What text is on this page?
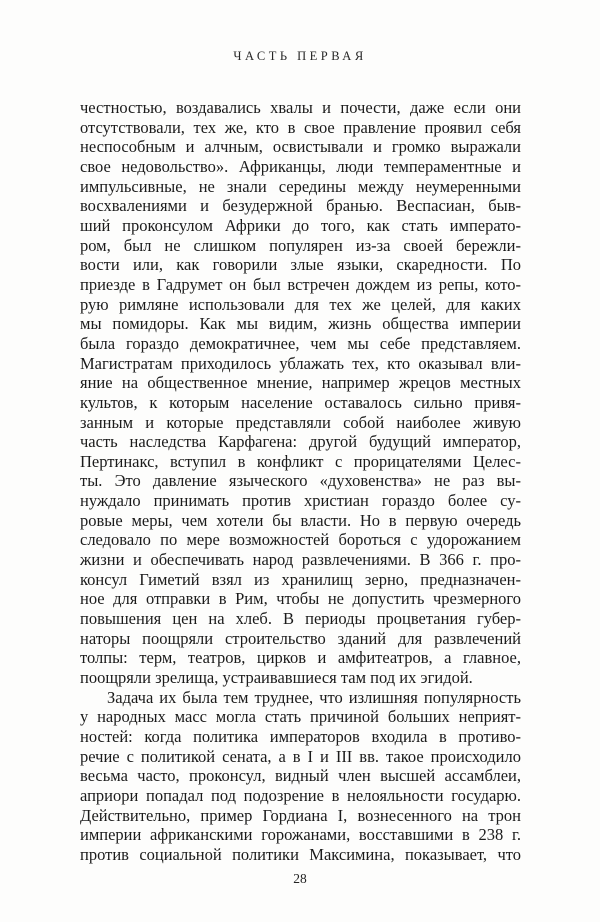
ЧАСТЬ ПЕРВАЯ
честностью, воздавались хвалы и почести, даже если они
отсутствовали, тех же, кто в свое правление проявил себя
неспособным и алчным, освистывали и громко выражали
свое недовольство». Африканцы, люди темпераментные и
импульсивные, не знали середины между неумеренными
восхвалениями и безудержной бранью. Веспасиан, быв-
ший проконсулом Африки до того, как стать императо-
ром, был не слишком популярен из-за своей бережли-
вости или, как говорили злые языки, скаредности. По
приезде в Гадрумет он был встречен дождем из репы, кото-
рую римляне использовали для тех же целей, для каких
мы помидоры. Как мы видим, жизнь общества империи
была гораздо демократичнее, чем мы себе представляем.
Магистратам приходилось ублажать тех, кто оказывал вли-
яние на общественное мнение, например жрецов местных
культов, к которым население оставалось сильно привя-
занным и которые представляли собой наиболее живую
часть наследства Карфагена: другой будущий император,
Пертинакс, вступил в конфликт с прорицателями Целес-
ты. Это давление языческого «духовенства» не раз вы-
нуждало принимать против христиан гораздо более су-
ровые меры, чем хотели бы власти. Но в первую очередь
следовало по мере возможностей бороться с удорожанием
жизни и обеспечивать народ развлечениями. В 366 г. про-
консул Гиметий взял из хранилищ зерно, предназначен-
ное для отправки в Рим, чтобы не допустить чрезмерного
повышения цен на хлеб. В периоды процветания губер-
наторы поощряли строительство зданий для развлечений
толпы: терм, театров, цирков и амфитеатров, а главное,
поощряли зрелища, устраивавшиеся там под их эгидой.
Задача их была тем труднее, что излишняя популярность
у народных масс могла стать причиной больших неприят-
ностей: когда политика императоров входила в противо-
речие с политикой сената, а в I и III вв. такое происходило
весьма часто, проконсул, видный член высшей ассамблеи,
априори попадал под подозрение в нелояльности государю.
Действительно, пример Гордиана I, вознесенного на трон
империи африканскими горожанами, восставшими в 238 г.
против социальной политики Максимина, показывает, что
28
